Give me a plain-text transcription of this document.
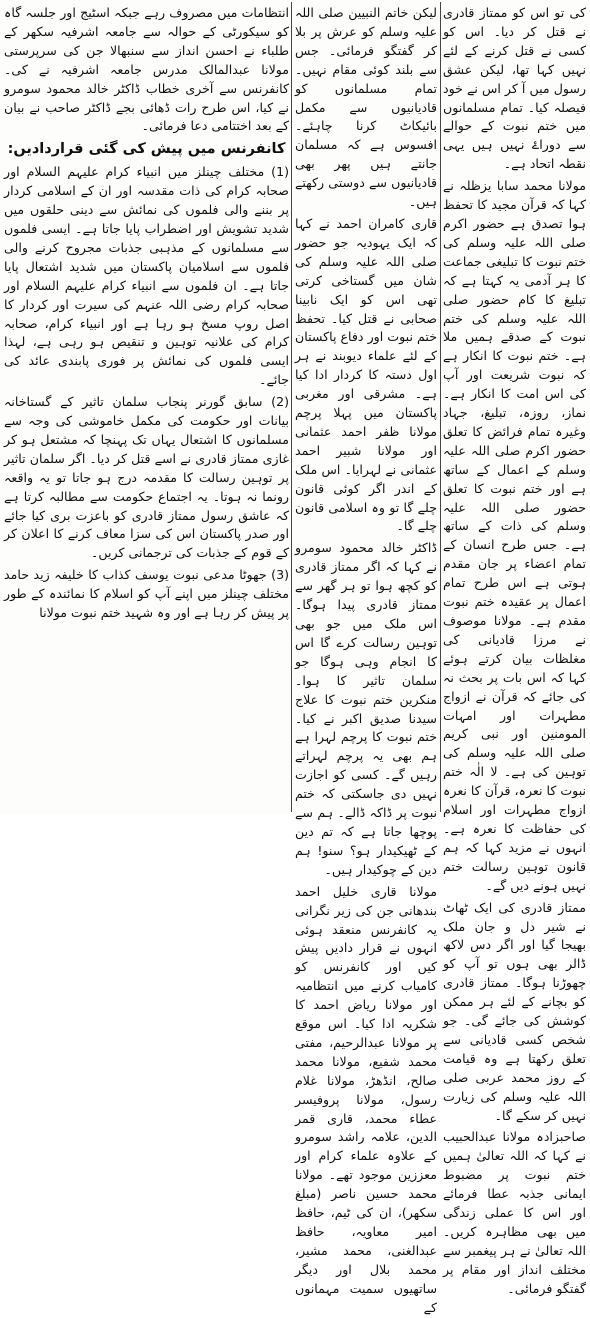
کی تو اس کو ممتاز قادری نے قتل کر دیا۔ اس کو کسی نے قتل کرنے کے لئے نہیں کہا تھا، لیکن عشق رسول میں آ کر اس نے خود فیصلہ کیا۔ تمام مسلمانوں میں ختم نبوت کے حوالے سے دوراۓ نہیں ہیں یہی نقطہ اتحاد ہے۔

مولانا محمد سابا یزظلہ نے کہا کہ قرآن مجید کا تحفظ ہوا تصدق ہے حضور اکرم صلی اللہ علیہ وسلم کی ختم نبوت کا تبلیغی جماعت کا ہر آدمی یہ کہتا ہے کہ تبلیغ کا کام حضور صلی اللہ علیہ وسلم کی ختم نبوت کے صدقے ہمیں ملا ہے۔ ختم نبوت کا انکار ہے کہ نبوت شریعت اور آپ کی اس امت کا انکار ہے۔ نماز، روزہ، تبلیغ، جہاد وغیرہ تمام فرائض کا تعلق حضور اکرم صلی اللہ علیہ وسلم کے اعمال کے ساتھ ہے اور ختم نبوت کا تعلق حضور صلی اللہ علیہ وسلم کی ذات کے ساتھ ہے۔ جس طرح انسان کے تمام اعضاء پر جان مقدم ہوتی ہے اس طرح تمام اعمال پر عقیدہ ختم نبوت مقدم ہے۔ مولانا موصوف نے مرزا قادیانی کی مغلظات بیان کرتے ہوئے کہا کہ اس بات پر بحث نہ کی جائے کہ قرآن نے ازواج مطہرات اور امہات المومنین اور نبی کریم صلی اللہ علیہ وسلم کی توہین کی ہے۔ لا الٰہ ختم نبوت کا نعرہ، قرآن کا نعرہ ازواج مطہرات اور اسلام کی حفاظت کا نعرہ ہے۔ انہوں نے مزید کہا کہ ہم قانون توہین رسالت ختم نہیں ہونے دیں گے۔

ممتاز قادری کی ایک ٹھاٹ نے شیر دل و جان ملک بھیجا گیا اور اگر دس لاکھ ڈالر بھی ہوں تو آپ کو چھوڑنا ہوگا۔ ممتاز قادری کو بچانے کے لئے ہر ممکن کوشش کی جائے گی۔ جو شخص کسی قادیانی سے تعلق رکھتا ہے وہ قیامت کے روز محمد عربی صلی اللہ علیہ وسلم کی زیارت نہیں کر سکے گا۔

صاحبزادہ مولانا عبدالحبیب نے کہا کہ اللہ تعالیٰ ہمیں ختم نبوت پر مضبوط ایمانی جذبہ عطا فرمائے اور اس کا عملی زندگی میں بھی مظاہرہ کریں۔ اللہ تعالیٰ نے ہر پیغمبر سے مختلف انداز اور مقام پر گفتگو فرمائی۔

لیکن خاتم النبیین صلی اللہ علیہ وسلم کو عرش پر بلا کر گفتگو فرمائی۔ جس سے بلند کوئی مقام نہیں۔ تمام مسلمانوں کو قادیانیوں سے مکمل بائیکاٹ کرنا چاہئے۔ افسوس ہے کہ مسلمان جانتے ہیں پھر بھی قادیانیوں سے دوستی رکھتے ہیں۔

قاری کامران احمد نے کہا کہ ایک یہودیہ جو حضور صلی اللہ علیہ وسلم کی شان میں گستاخی کرتی تھی اس کو ایک نابینا صحابی نے قتل کیا۔ تحفظ ختم نبوت اور دفاع پاکستان کے لئے علماء دیوبند نے ہر اول دستہ کا کردار ادا کیا ہے۔ مشرقی اور مغربی پاکستان میں پہلا پرچم مولانا ظفر احمد عثمانی اور مولانا شبیر احمد عثمانی نے لہرایا۔ اس ملک کے اندر اگر کوئی قانون چلے گا تو وہ اسلامی قانون چلے گا۔

ڈاکٹر خالد محمود سومرو نے کہا کہ اگر ممتاز قادری کو کچھ ہوا تو ہر گھر سے ممتاز قادری پیدا ہوگا۔ اس ملک میں جو بھی توہین رسالت کرے گا اس کا انجام وہی ہوگا جو سلمان تاثیر کا ہوا۔ منکرین ختم نبوت کا علاج سیدنا صدیق اکبر نے کیا۔ ختم نبوت کا پرچم لہرا ہے ہم بھی یہ پرچم لہراتے رہیں گے۔ کسی کو اجازت نہیں دی جاسکتی کہ ختم نبوت پر ڈاکہ ڈالے۔ ہم سے پوچھا جاتا ہے کہ تم دین کے ٹھیکیدار ہو؟ سنو! ہم دین کے چوکیدار ہیں۔

مولانا قاری خلیل احمد بندھانی جن کی زیر نگرانی یہ کانفرنس منعقد ہوئی انہوں نے قرار دادیں پیش کیں اور کانفرنس کو کامیاب کرنے میں انتظامیہ اور مولانا ریاض احمد کا شکریہ ادا کیا۔ اس موقع پر مولانا عبدالرحیم، مفتی محمد شفیع، مولانا محمد صالح، انڈھڑ، مولانا غلام رسول، مولانا پروفیسر عطاء محمد، قاری قمر الدین، علامہ راشد سومرو کے علاوہ علماء کرام اور معززین موجود تھے۔ مولانا محمد حسین ناصر (مبلغ سکھر)، ان کی ٹیم، حافظ امیر معاویہ، حافظ عبدالغنی، محمد مشیر، محمد بلال اور دیگر ساتھیوں سمیت مہمانوں کے

انتظامات میں مصروف رہے جبکہ اسٹیج اور جلسہ گاہ کو سیکورٹی کے حوالہ سے جامعہ اشرفیہ سکھر کے طلباء نے احسن انداز سے سنبھالا جن کی سرپرستی مولانا عبدالمالک مدرس جامعہ اشرفیہ نے کی۔ کانفرنس سے آخری خطاب ڈاکٹر خالد محمود سومرو نے کیا، اس طرح رات ڈھائی بجے ڈاکٹر صاحب نے بیان کے بعد اختتامی دعا فرمائی۔

کانفرنس میں پیش کی گئی قراردادیں:

(1) مختلف چینلز میں انبیاء کرام علیہم السلام اور صحابہ کرام کی ذات مقدسہ اور ان کے اسلامی کردار پر بننے والی فلموں کی نمائش سے دینی حلقوں میں شدید تشویش اور اضطراب پایا جاتا ہے۔ ایسی فلموں سے مسلمانوں کے مذہبی جذبات مجروح کرنے والی فلموں سے اسلامیان پاکستان میں شدید اشتعال پایا جاتا ہے۔ ان فلموں سے انبیاء کرام علیہم السلام اور صحابہ کرام رضی اللہ عنہم کی سیرت اور کردار کا اصل روپ مسخ ہو رہا ہے اور انبیاء کرام، صحابہ کرام کی علانیہ توہین و تنقیص ہو رہی ہے، لہذا ایسی فلموں کی نمائش پر فوری پابندی عائد کی جائے۔

(2) سابق گورنر پنجاب سلمان تاثیر کے گستاخانہ بیانات اور حکومت کی مکمل خاموشی کی وجہ سے مسلمانوں کا اشتعال یہاں تک پہنچا کہ مشتعل ہو کر غازی ممتاز قادری نے اسے قتل کر دیا۔ اگر سلمان تاثیر پر توہین رسالت کا مقدمہ درج ہو جاتا تو یہ واقعہ رونما نہ ہوتا۔ یہ اجتماع حکومت سے مطالبہ کرتا ہے کہ عاشق رسول ممتاز قادری کو باعزت بری کیا جائے اور صدر پاکستان اس کی سزا معاف کرنے کا اعلان کر کے قوم کے جذبات کی ترجمانی کریں۔

(3) جھوٹا مدعی نبوت یوسف کذاب کا خلیفہ زید حامد مختلف چینلز میں اپنے آپ کو اسلام کا نمائندہ کے طور پر پیش کر رہا ہے اور وہ شہید ختم نبوت مولانا
